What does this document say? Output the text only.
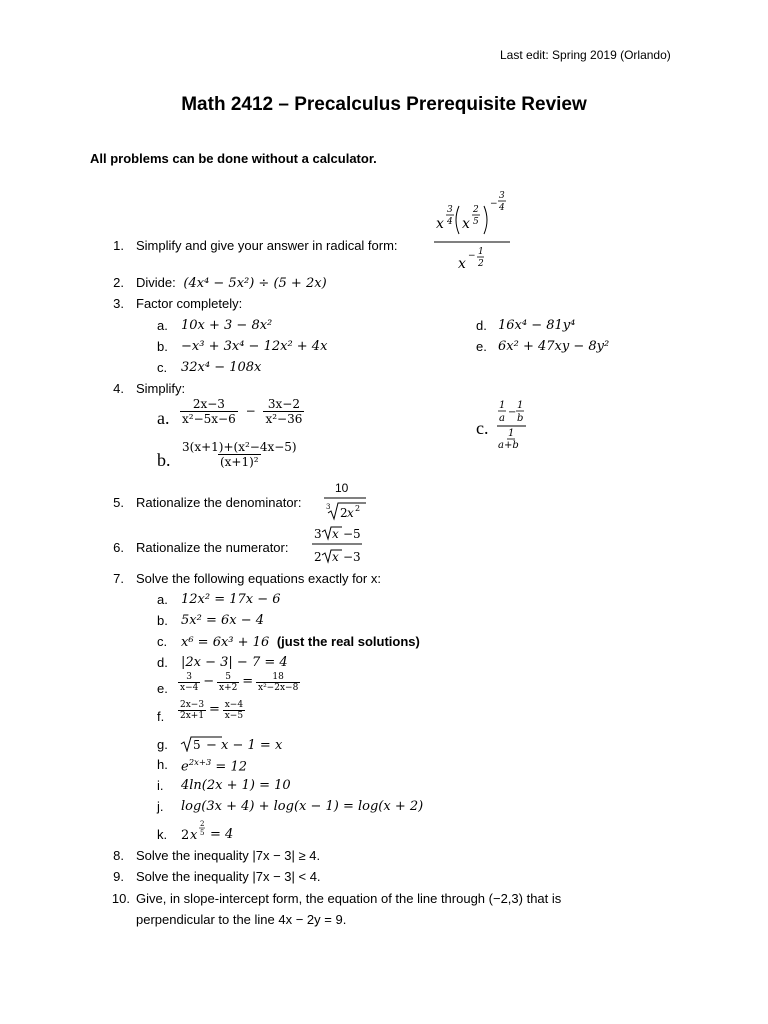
Last edit: Spring 2019 (Orlando)
Math 2412 – Precalculus Prerequisite Review
All problems can be done without a calculator.
1. Simplify and give your answer in radical form:
x
3
4 x
2
5
−
3
4
x − 1
2
2. Divide: (4x⁴ − 5x²) ÷ (5 + 2x)
3. Factor completely:
a. 10x + 3 − 8x²
b. −x³ + 3x⁴ − 12x² + 4x
c. 32x⁴ − 108x
d. 16x⁴ − 81y⁴
e. 6x² + 47xy − 8y²
4. Simplify:
a. $\frac{2x-3}{\text{x²−5x−6}} - \frac{3x-2}{\text{x²−36}}$
b. $\frac{\text{3(x+1)+(x²−4x−5)}}{\text{(x+1)²}}$
c.
1
a
−
1
b
1
a+b
5. Rationalize the denominator:
10
3 2 x 2
6. Rationalize the numerator:
3 x −5
2 x −3
7. Solve the following equations exactly for x:
a. 12x² = 17x − 6
b. 5x² = 6x − 4
c. x⁶ = 6x³ + 16 (just the real solutions)
d. |2x − 3| − 7 = 4
e. $\frac{3}{x-4} - \frac{5}{x+2} = \frac{18}{\text{x²−2x−8}}$
f. $\frac{2x-3}{2x+1} = \frac{x-4}{x-5}$
g. 5 − x − 1 = x
h. $e^{2x+3} = 12$
i. 4ln(2x + 1) = 10
j. log(3x + 4) + log(x − 1) = log(x + 2)
k. 2 x
2
5 = 4
8. Solve the inequality |7x − 3| ≥ 4.
9. Solve the inequality |7x − 3| < 4.
10. Give, in slope-intercept form, the equation of the line through (−2,3) that is
perpendicular to the line 4x − 2y = 9.
